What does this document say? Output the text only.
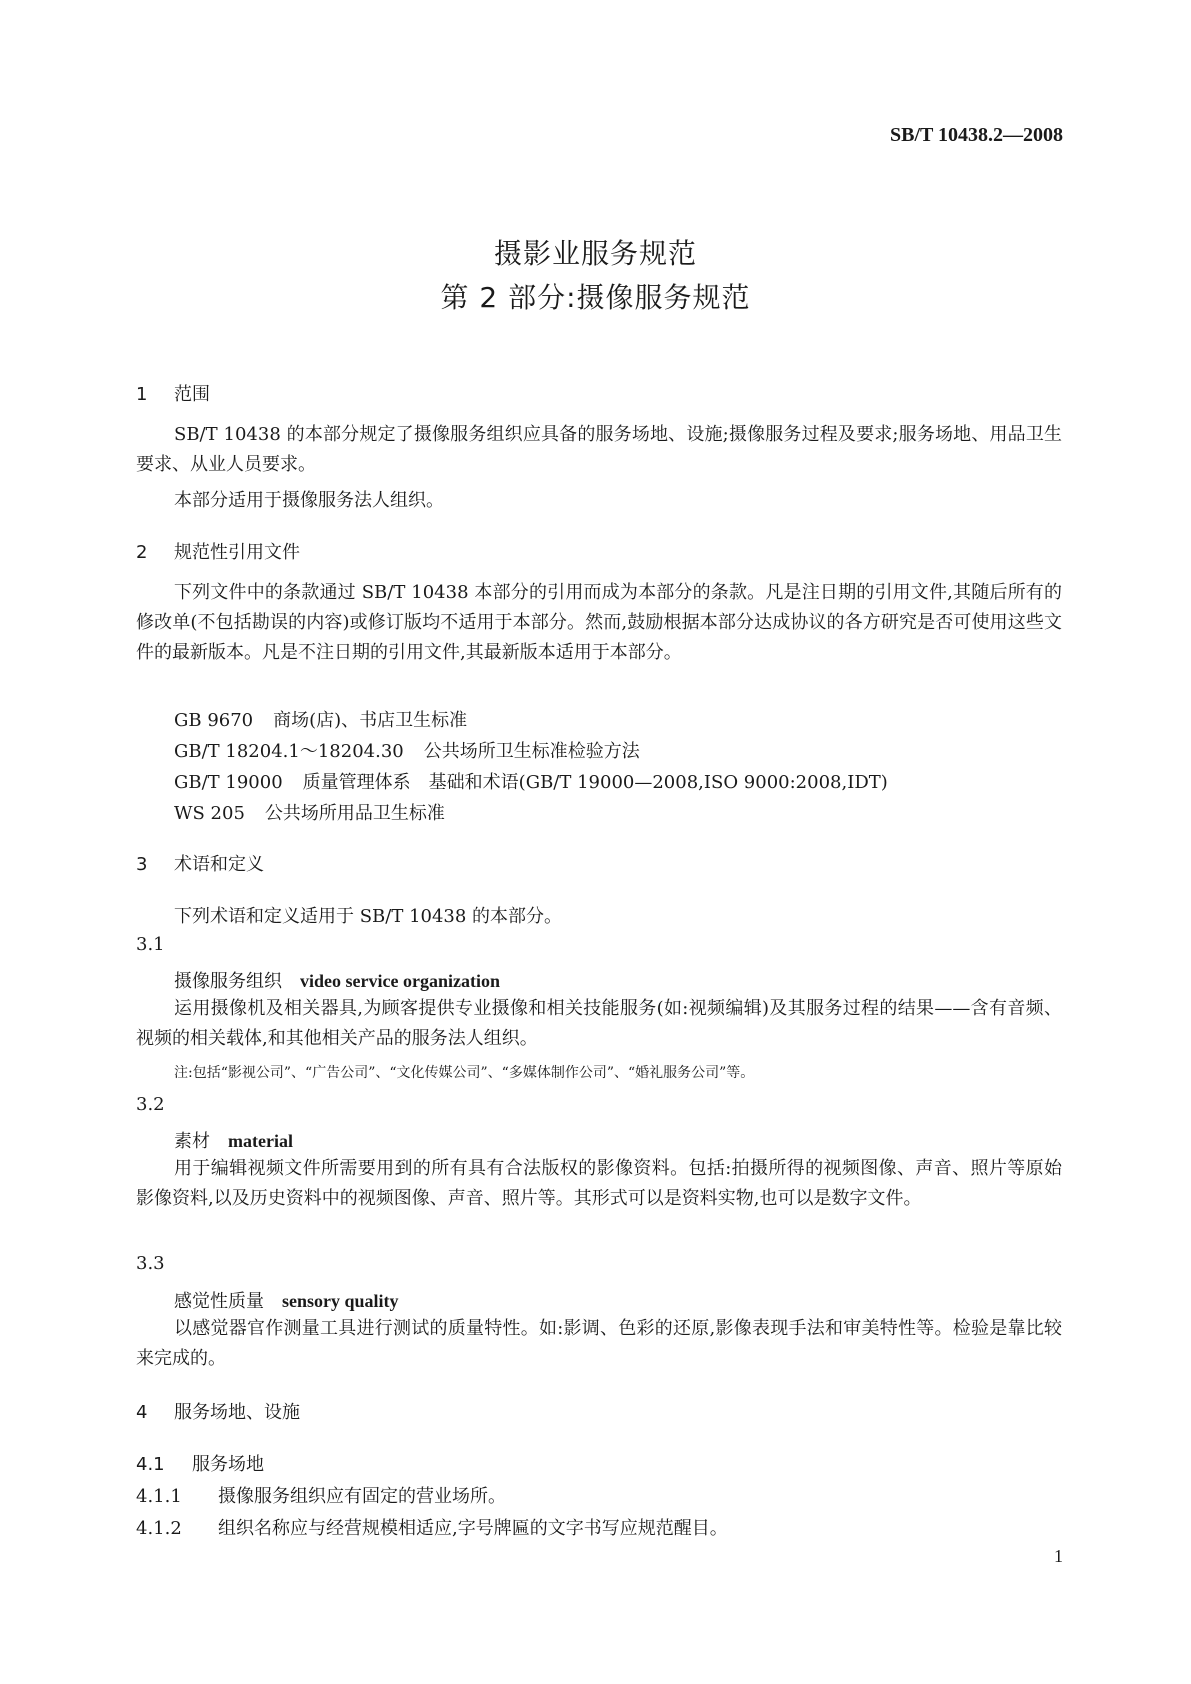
SB/T 10438.2—2008
摄影业服务规范
第 2 部分:摄像服务规范
1 范围
SB/T 10438 的本部分规定了摄像服务组织应具备的服务场地、设施;摄像服务过程及要求;服务场地、用品卫生要求、从业人员要求。
本部分适用于摄像服务法人组织。
2 规范性引用文件
下列文件中的条款通过 SB/T 10438 本部分的引用而成为本部分的条款。凡是注日期的引用文件,其随后所有的修改单(不包括勘误的内容)或修订版均不适用于本部分。然而,鼓励根据本部分达成协议的各方研究是否可使用这些文件的最新版本。凡是不注日期的引用文件,其最新版本适用于本部分。
GB 9670 商场(店)、书店卫生标准
GB/T 18204.1～18204.30 公共场所卫生标准检验方法
GB/T 19000 质量管理体系　基础和术语(GB/T 19000—2008,ISO 9000:2008,IDT)
WS 205 公共场所用品卫生标准
3 术语和定义
下列术语和定义适用于 SB/T 10438 的本部分。
3.1
摄像服务组织 video service organization
运用摄像机及相关器具,为顾客提供专业摄像和相关技能服务(如:视频编辑)及其服务过程的结果——含有音频、视频的相关载体,和其他相关产品的服务法人组织。
注:包括“影视公司”、“广告公司”、“文化传媒公司”、“多媒体制作公司”、“婚礼服务公司”等。
3.2
素材 material
用于编辑视频文件所需要用到的所有具有合法版权的影像资料。包括:拍摄所得的视频图像、声音、照片等原始影像资料,以及历史资料中的视频图像、声音、照片等。其形式可以是资料实物,也可以是数字文件。
3.3
感觉性质量 sensory quality
以感觉器官作测量工具进行测试的质量特性。如:影调、色彩的还原,影像表现手法和审美特性等。检验是靠比较来完成的。
4 服务场地、设施
4.1 服务场地
4.1.1 摄像服务组织应有固定的营业场所。
4.1.2 组织名称应与经营规模相适应,字号牌匾的文字书写应规范醒目。
1
